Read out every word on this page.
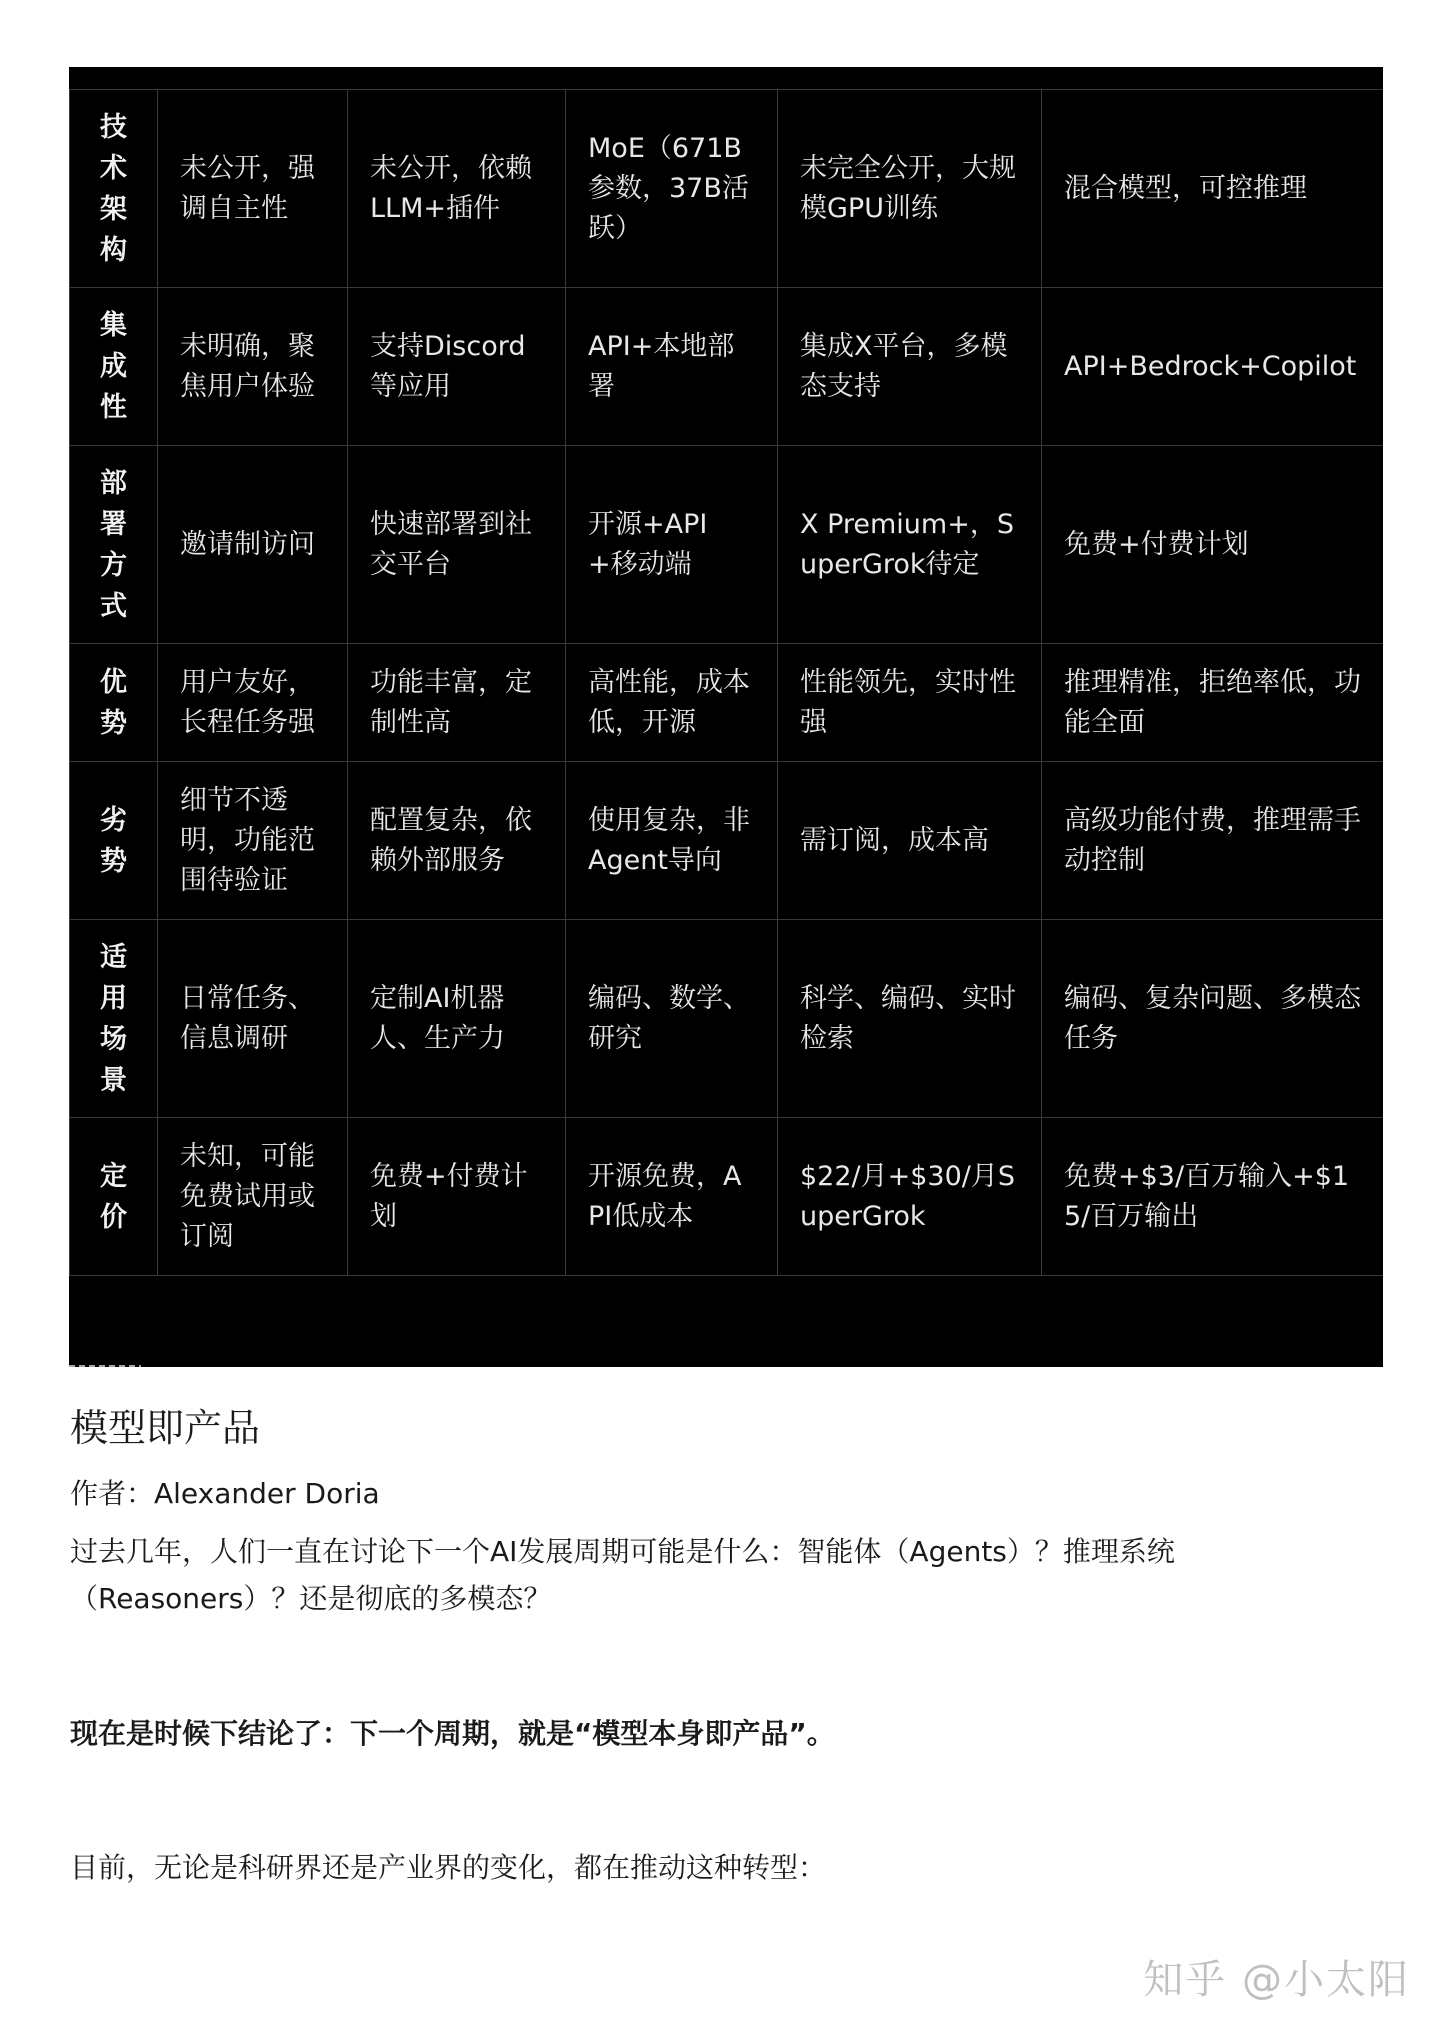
技
术
架
构	未公开，强调自主性	未公开，依赖LLM+插件	MoE（671B参数，37B活跃）	未完全公开，大规模GPU训练	混合模型，可控推理

集
成
性	未明确，聚焦用户体验	支持Discord等应用	API+本地部署	集成X平台，多模态支持	API+Bedrock+Copilot

部
署
方
式	邀请制访问	快速部署到社交平台	开源+API+移动端	X Premium+，SuperGrok待定	免费+付费计划

优
势	用户友好，长程任务强	功能丰富，定制性高	高性能，成本低，开源	性能领先，实时性强	推理精准，拒绝率低，功能全面

劣
势	细节不透明，功能范围待验证	配置复杂，依赖外部服务	使用复杂，非Agent导向	需订阅，成本高	高级功能付费，推理需手动控制

适
用
场
景	日常任务、信息调研	定制AI机器人、生产力	编码、数学、研究	科学、编码、实时检索	编码、复杂问题、多模态任务

定
价	未知，可能免费试用或订阅	免费+付费计划	开源免费，API低成本	$22/月+$30/月SuperGrok	免费+$3/百万输入+$15/百万输出

模型即产品
作者：Alexander Doria
过去几年，人们一直在讨论下一个AI发展周期可能是什么：智能体（Agents）？推理系统（Reasoners）？还是彻底的多模态？
现在是时候下结论了：下一个周期，就是“模型本身即产品”。
目前，无论是科研界还是产业界的变化，都在推动这种转型：
知乎 @小太阳
